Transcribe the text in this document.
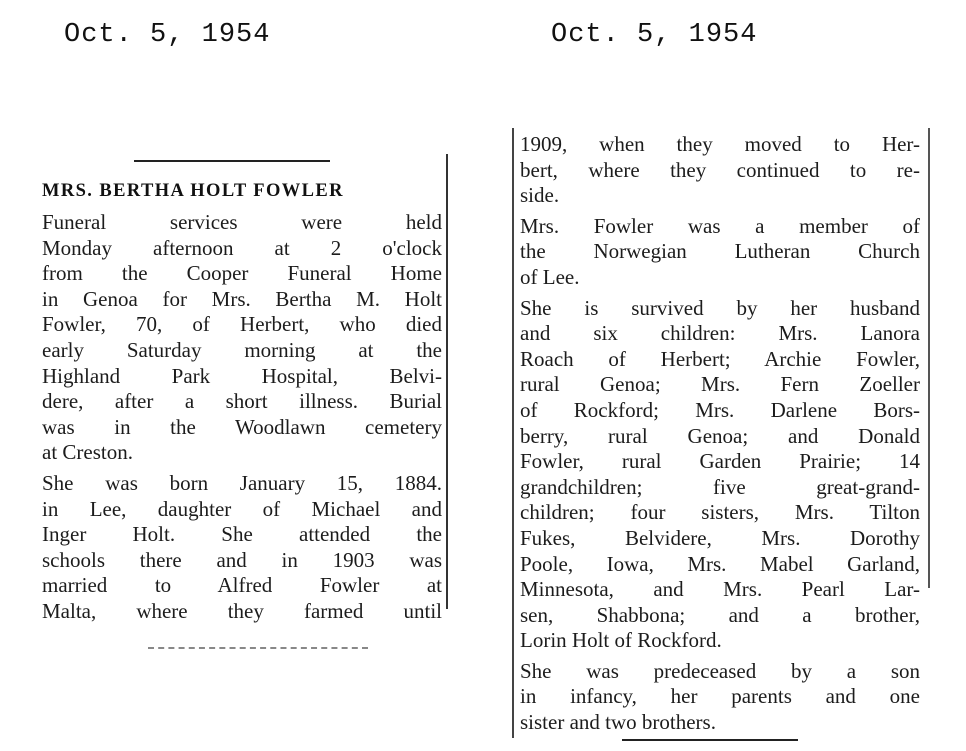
Oct. 5, 1954	Oct. 5, 1954
MRS. BERTHA HOLT FOWLER
Funeral services were held
Monday afternoon at 2 o'clock
from the Cooper Funeral Home
in Genoa for Mrs. Bertha M. Holt
Fowler, 70, of Herbert, who died
early Saturday morning at the
Highland Park Hospital, Belvi-
dere, after a short illness. Burial
was in the Woodlawn cemetery
at Creston.
She was born January 15, 1884.
in Lee, daughter of Michael and
Inger Holt. She attended the
schools there and in 1903 was
married to Alfred Fowler at
Malta, where they farmed until
1909, when they moved to Her-
bert, where they continued to re-
side.
Mrs. Fowler was a member of
the Norwegian Lutheran Church
of Lee.
She is survived by her husband
and six children: Mrs. Lanora
Roach of Herbert; Archie Fowler,
rural Genoa; Mrs. Fern Zoeller
of Rockford; Mrs. Darlene Bors-
berry, rural Genoa; and Donald
Fowler, rural Garden Prairie; 14
grandchildren; five great-grand-
children; four sisters, Mrs. Tilton
Fukes, Belvidere, Mrs. Dorothy
Poole, Iowa, Mrs. Mabel Garland,
Minnesota, and Mrs. Pearl Lar-
sen, Shabbona; and a brother,
Lorin Holt of Rockford.
She was predeceased by a son
in infancy, her parents and one
sister and two brothers.
